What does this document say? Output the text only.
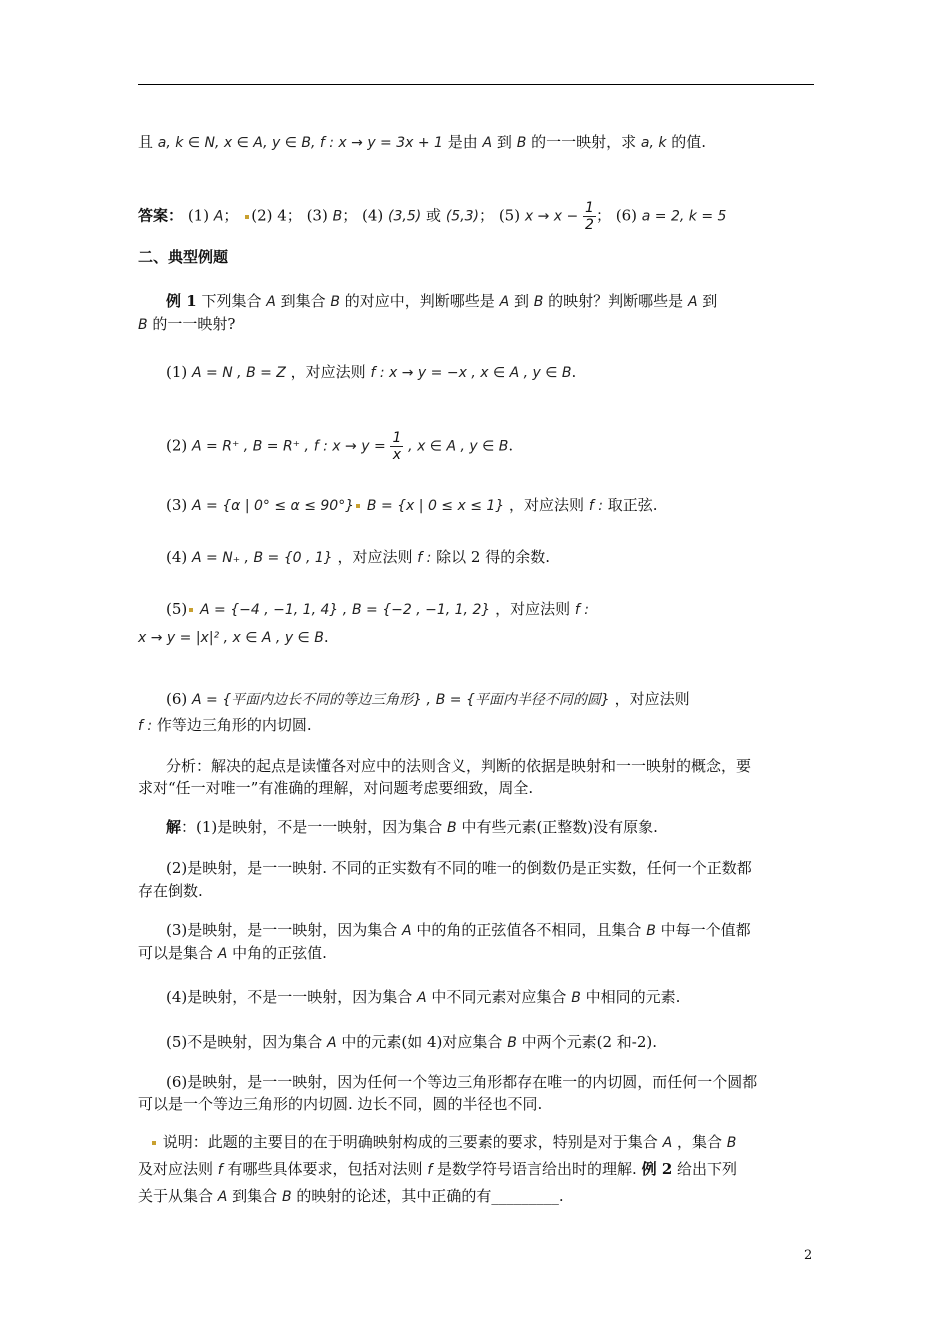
且 a, k ∈ N, x ∈ A, y ∈ B, f : x → y = 3x + 1 是由 A 到 B 的一一映射，求 a, k 的值.
答案： (1) A； (2) 4； (3) B； (4) (3,5) 或 (5,3)； (5) $x \to x - \frac{1}{2}$ ； (6) a = 2, k = 5
二、典型例题
例 1 下列集合 A 到集合 B 的对应中，判断哪些是 A 到 B 的映射？判断哪些是 A 到
B 的一一映射?
(1) A = N , B = Z ，对应法则 f : x → y = −x , x ∈ A , y ∈ B.
(2) A = R⁺ , B = R⁺ , f : $x \to y = \frac{1}{x}$ , x ∈ A , y ∈ B.
(3) A = {α | 0° ≤ α ≤ 90°} B = {x | 0 ≤ x ≤ 1} ，对应法则 f : 取正弦.
(4) A = N₊ , B = {0 , 1} ，对应法则 f : 除以 2 得的余数.
(5) A = {−4 , −1, 1, 4} , B = {−2 , −1, 1, 2} ，对应法则 f :
x → y = |x|² , x ∈ A , y ∈ B.
(6) A = {平面内边长不同的等边三角形} , B = {平面内半径不同的圆} ，对应法则
f : 作等边三角形的内切圆.
分析：解决的起点是读懂各对应中的法则含义，判断的依据是映射和一一映射的概念，要
求对“任一对唯一”有准确的理解，对问题考虑要细致，周全.
解：(1)是映射，不是一一映射，因为集合 B 中有些元素(正整数)没有原象.
(2)是映射，是一一映射. 不同的正实数有不同的唯一的倒数仍是正实数，任何一个正数都
存在倒数.
(3)是映射，是一一映射，因为集合 A 中的角的正弦值各不相同，且集合 B 中每一个值都
可以是集合 A 中角的正弦值.
(4)是映射，不是一一映射，因为集合 A 中不同元素对应集合 B 中相同的元素.
(5)不是映射，因为集合 A 中的元素(如 4)对应集合 B 中两个元素(2 和-2).
(6)是映射，是一一映射，因为任何一个等边三角形都存在唯一的内切圆，而任何一个圆都
可以是一个等边三角形的内切圆. 边长不同，圆的半径也不同.
说明：此题的主要目的在于明确映射构成的三要素的要求，特别是对于集合 A ，集合 B
及对应法则 f 有哪些具体要求，包括对法则 f 是数学符号语言给出时的理解. 例 2 给出下列
关于从集合 A 到集合 B 的映射的论述，其中正确的有_________.
2
